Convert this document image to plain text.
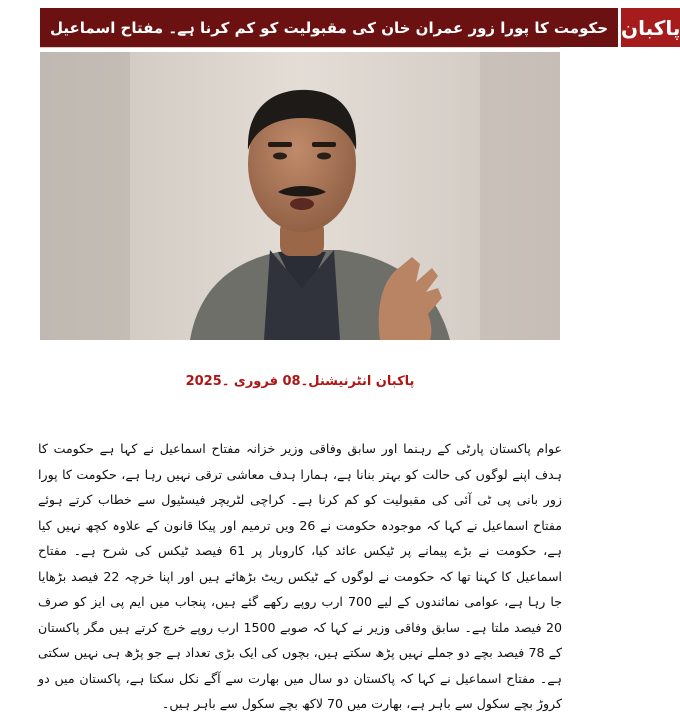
حکومت کا پورا زور عمران خان کی مقبولیت کو کم کرنا ہے۔ مفتاح اسماعیل پاکبان
پاکبان انٹرنیشنل۔08 فروری ۔2025
عوام پاکستان پارٹی کے رہنما اور سابق وفاقی وزیر خزانہ مفتاح اسماعیل نے کہا ہے حکومت کا ہدف اپنے لوگوں کی حالت کو بہتر بنانا ہے، ہمارا ہدف معاشی ترقی نہیں رہا ہے، حکومت کا پورا زور بانی پی ٹی آئی کی مقبولیت کو کم کرنا ہے۔ کراچی لٹریچر فیسٹیول سے خطاب کرتے ہوئے مفتاح اسماعیل نے کہا کہ موجودہ حکومت نے 26 ویں ترمیم اور پیکا قانون کے علاوہ کچھ نہیں کیا ہے، حکومت نے بڑے پیمانے پر ٹیکس عائد کیا، کاروبار پر 61 فیصد ٹیکس کی شرح ہے۔ مفتاح اسماعیل کا کہنا تھا کہ حکومت نے لوگوں کے ٹیکس ریٹ بڑھائے ہیں اور اپنا خرچہ 22 فیصد بڑھایا جا رہا ہے، عوامی نمائندوں کے لیے 700 ارب روپے رکھے گئے ہیں، پنجاب میں ایم پی ایز کو صرف 20 فیصد ملتا ہے۔ سابق وفاقی وزیر نے کہا کہ صوبے 1500 ارب روپے خرچ کرتے ہیں مگر پاکستان کے 78 فیصد بچے دو جملے نہیں پڑھ سکتے ہیں، بچوں کی ایک بڑی تعداد ہے جو پڑھ ہی نہیں سکتی ہے۔ مفتاح اسماعیل نے کہا کہ پاکستان دو سال میں بھارت سے آگے نکل سکتا ہے، پاکستان میں دو کروڑ بچے سکول سے باہر ہے، بھارت میں 70 لاکھ بچے سکول سے باہر ہیں۔
